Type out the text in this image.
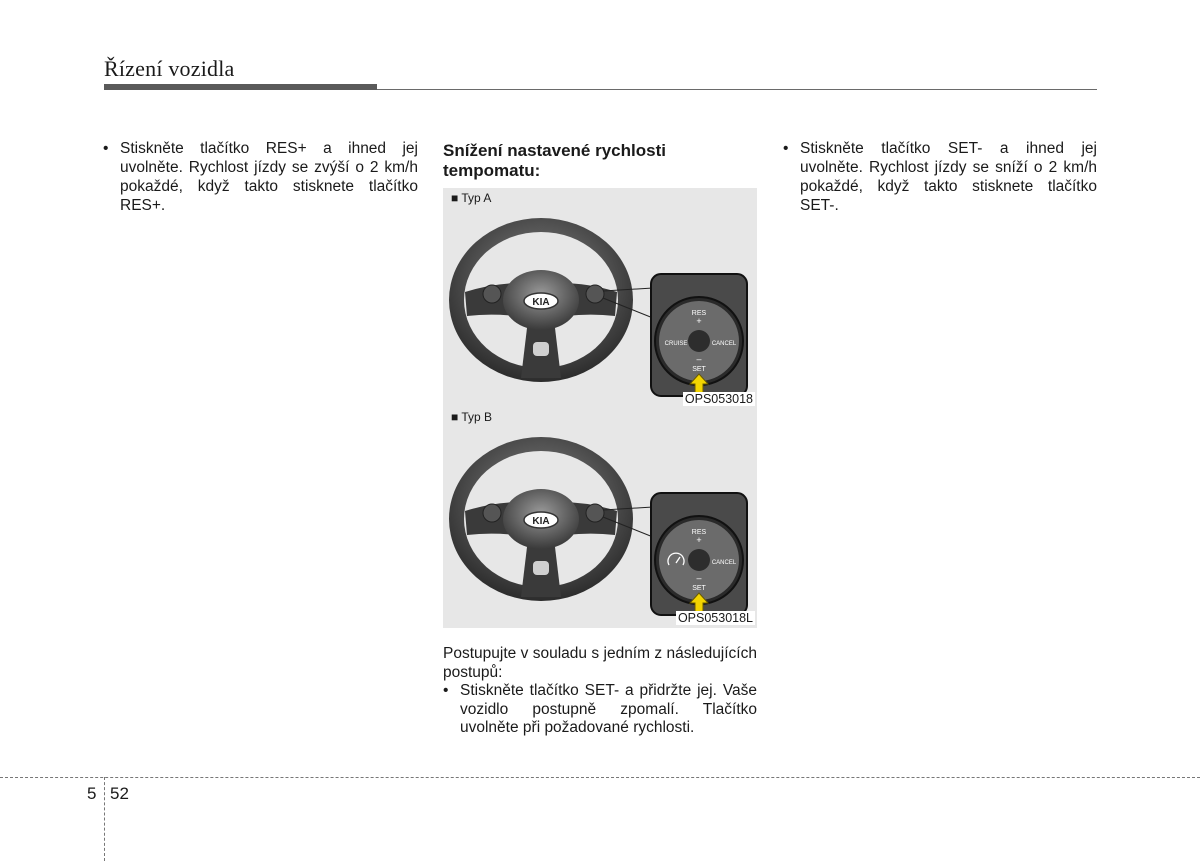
Řízení vozidla
• Stiskněte tlačítko RES+ a ihned jej uvolněte. Rychlost jízdy se zvýší o 2 km/h pokaždé, když takto stisknete tlačítko RES+.
Snížení nastavené rychlosti tempomatu:
KIA
RES
+
CRUISE	CANCEL
–
SET
■ Typ A
OPS053018
KIA
RES
+
CANCEL
–
SET
■ Typ B
OPS053018L

Postupujte v souladu s jedním z následujících postupů:

• Stiskněte tlačítko SET- a přidržte jej. Vaše vozidlo postupně zpomalí. Tlačítko uvolněte při požadované rychlosti.
• Stiskněte tlačítko SET- a ihned jej uvolněte. Rychlost jízdy se sníží o 2 km/h pokaždé, když takto stisknete tlačítko SET-.
5 52
